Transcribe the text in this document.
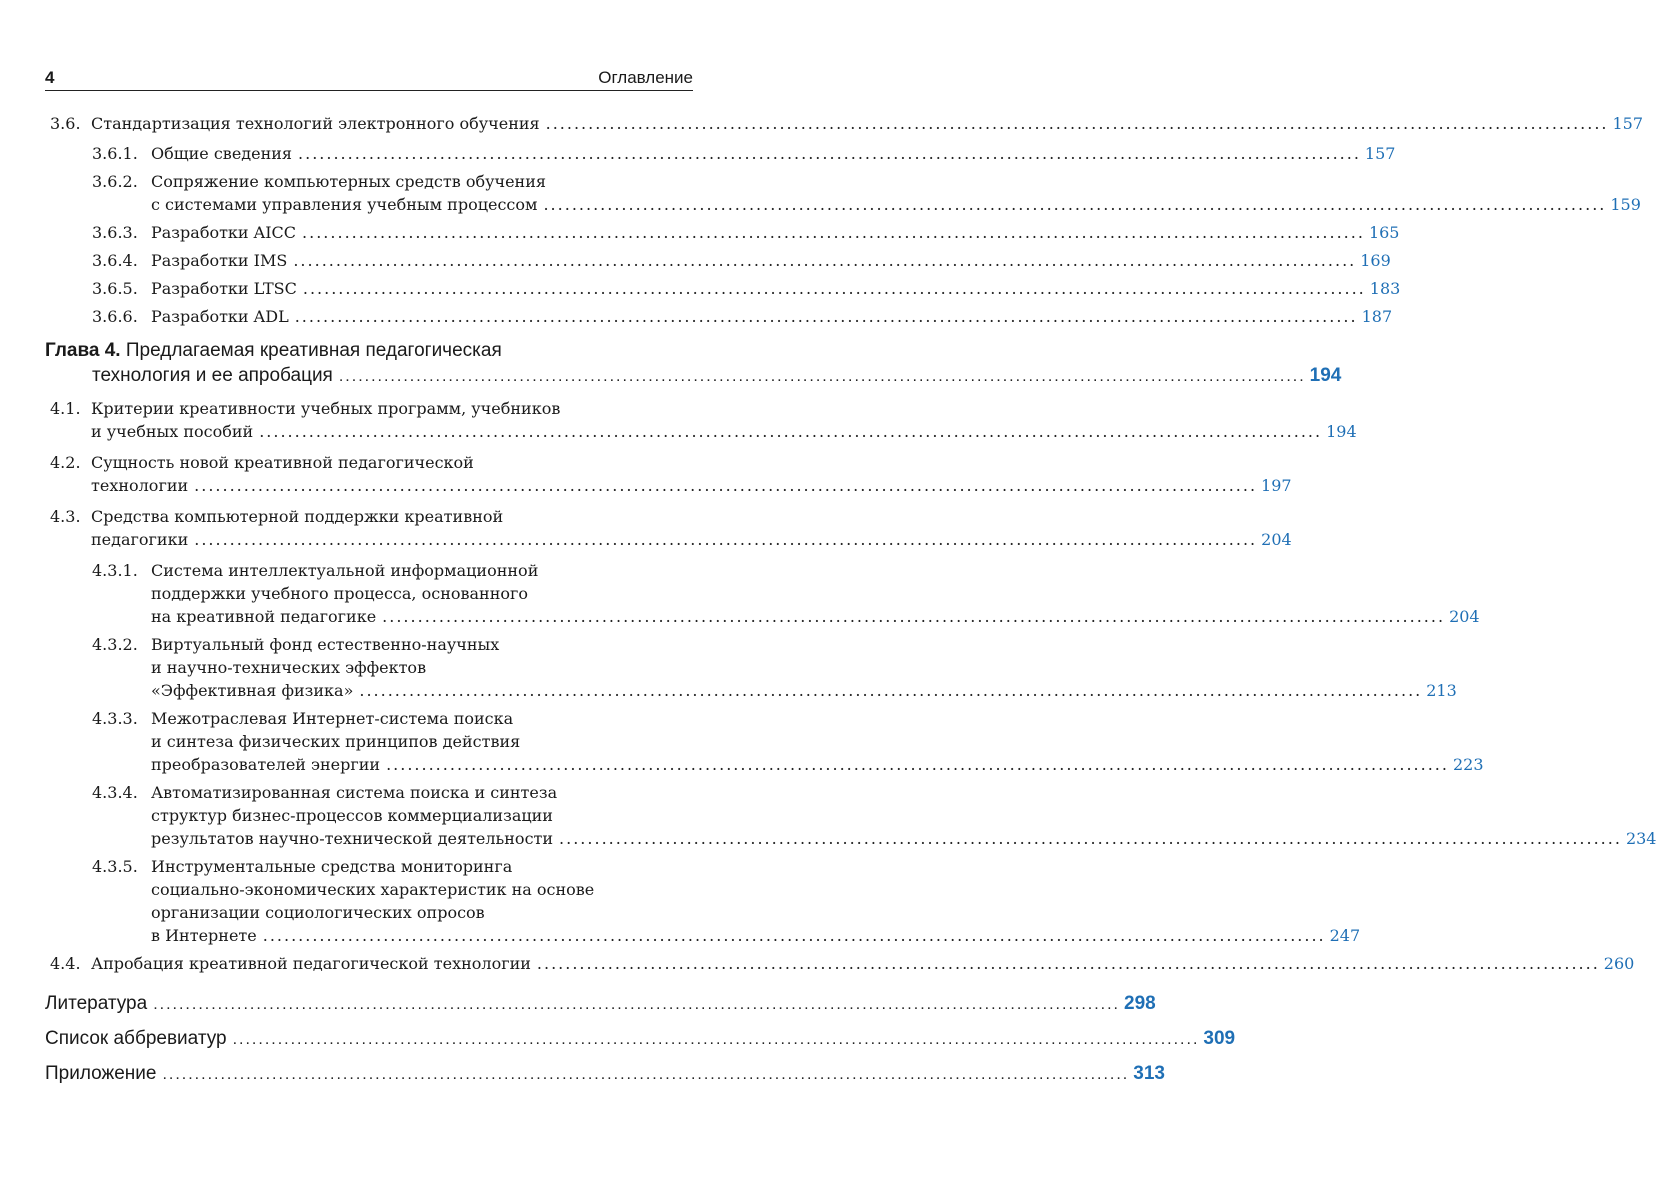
4	Оглавление
3.6. Стандартизация технологий электронного обучения ...................................................................................................................................................... 157
3.6.1. Общие сведения ...................................................................................................................................................... 157
3.6.2. Сопряжение компьютерных средств обучения
с системами управления учебным процессом ...................................................................................................................................................... 159
3.6.3. Разработки AICC ...................................................................................................................................................... 165
3.6.4. Разработки IMS ...................................................................................................................................................... 169
3.6.5. Разработки LTSC ...................................................................................................................................................... 183
3.6.6. Разработки ADL ...................................................................................................................................................... 187
Глава 4. Предлагаемая креативная педагогическая
технология и ее апробация ...................................................................................................................................................... 194
4.1. Критерии креативности учебных программ, учебников
и учебных пособий ...................................................................................................................................................... 194
4.2. Сущность новой креативной педагогической
технологии ...................................................................................................................................................... 197
4.3. Средства компьютерной поддержки креативной
педагогики ...................................................................................................................................................... 204
4.3.1. Система интеллектуальной информационной
поддержки учебного процесса, основанного
на креативной педагогике ...................................................................................................................................................... 204
4.3.2. Виртуальный фонд естественно-научных
и научно-технических эффектов
«Эффективная физика» ...................................................................................................................................................... 213
4.3.3. Межотраслевая Интернет-система поиска
и синтеза физических принципов действия
преобразователей энергии ...................................................................................................................................................... 223
4.3.4. Автоматизированная система поиска и синтеза
структур бизнес-процессов коммерциализации
результатов научно-технической деятельности ...................................................................................................................................................... 234
4.3.5. Инструментальные средства мониторинга
социально-экономических характеристик на основе
организации социологических опросов
в Интернете ...................................................................................................................................................... 247
4.4. Апробация креативной педагогической технологии ...................................................................................................................................................... 260
Литература ...................................................................................................................................................... 298
Список аббревиатур ...................................................................................................................................................... 309
Приложение ...................................................................................................................................................... 313
